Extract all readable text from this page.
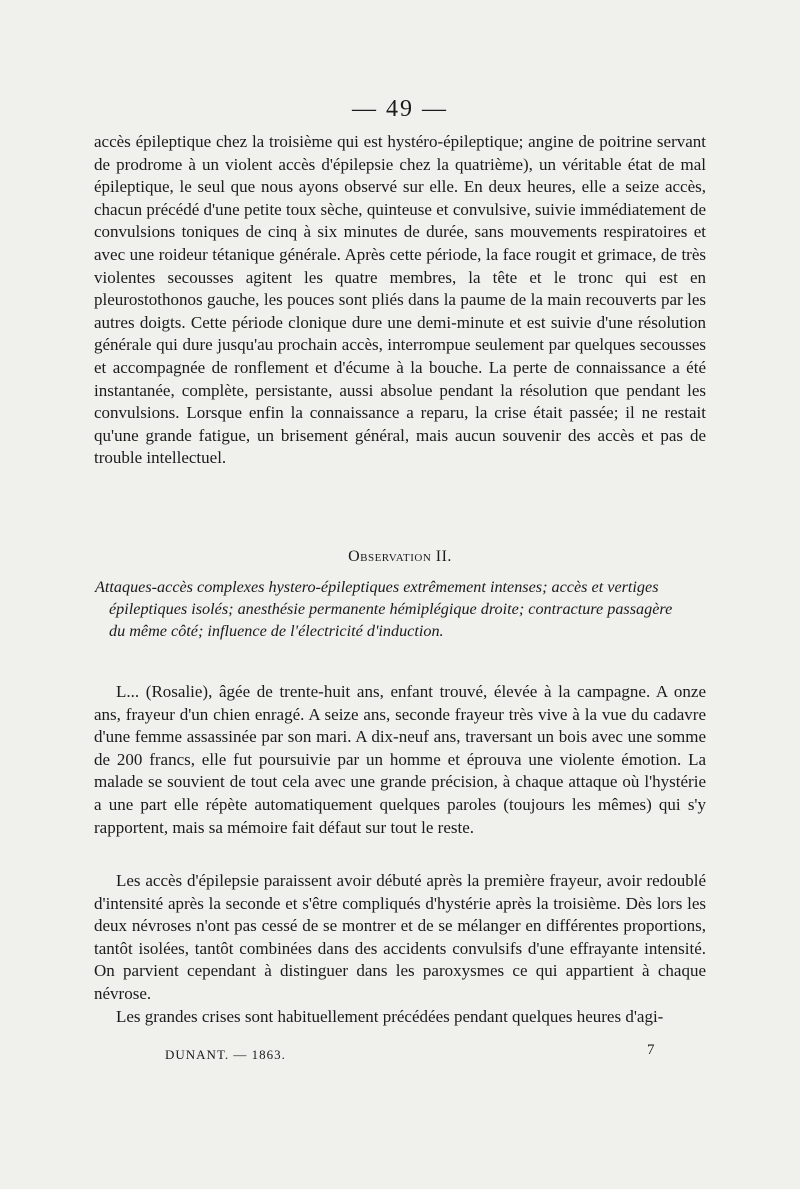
— 49 —

accès épileptique chez la troisième qui est hystéro-épileptique; angine de poitrine servant de prodrome à un violent accès d'épilepsie chez la quatrième), un véritable état de mal épileptique, le seul que nous ayons observé sur elle. En deux heures, elle a seize accès, chacun précédé d'une petite toux sèche, quinteuse et convulsive, suivie immédiatement de convulsions toniques de cinq à six minutes de durée, sans mouvements respiratoires et avec une roideur tétanique générale. Après cette période, la face rougit et grimace, de très violentes secousses agitent les quatre membres, la tête et le tronc qui est en pleurostothonos gauche, les pouces sont pliés dans la paume de la main recouverts par les autres doigts. Cette période clonique dure une demi-minute et est suivie d'une résolution générale qui dure jusqu'au prochain accès, interrompue seulement par quelques secousses et accompagnée de ronflement et d'écume à la bouche. La perte de connaissance a été instantanée, complète, persistante, aussi absolue pendant la résolution que pendant les convulsions. Lorsque enfin la connaissance a reparu, la crise était passée; il ne restait qu'une grande fatigue, un brisement général, mais aucun souvenir des accès et pas de trouble intellectuel.

Observation II.
Attaques-accès complexes hystero-épileptiques extrêmement intenses; accès et vertiges
épileptiques isolés; anesthésie permanente hémiplégique droite; contracture passagère
du même côté; influence de l'électricité d'induction.

L... (Rosalie), âgée de trente-huit ans, enfant trouvé, élevée à la campagne. A onze ans, frayeur d'un chien enragé. A seize ans, seconde frayeur très vive à la vue du cadavre d'une femme assassinée par son mari. A dix-neuf ans, traversant un bois avec une somme de 200 francs, elle fut poursuivie par un homme et éprouva une violente émotion. La malade se souvient de tout cela avec une grande précision, à chaque attaque où l'hystérie a une part elle répète automatiquement quelques paroles (toujours les mêmes) qui s'y rapportent, mais sa mémoire fait défaut sur tout le reste.

Les accès d'épilepsie paraissent avoir débuté après la première frayeur, avoir redoublé d'intensité après la seconde et s'être compliqués d'hystérie après la troisième. Dès lors les deux névroses n'ont pas cessé de se montrer et de se mélanger en différentes proportions, tantôt isolées, tantôt combinées dans des accidents convulsifs d'une effrayante intensité. On parvient cependant à distinguer dans les paroxysmes ce qui appartient à chaque névrose.

Les grandes crises sont habituellement précédées pendant quelques heures d'agi-

DUNANT. — 1863.	7
